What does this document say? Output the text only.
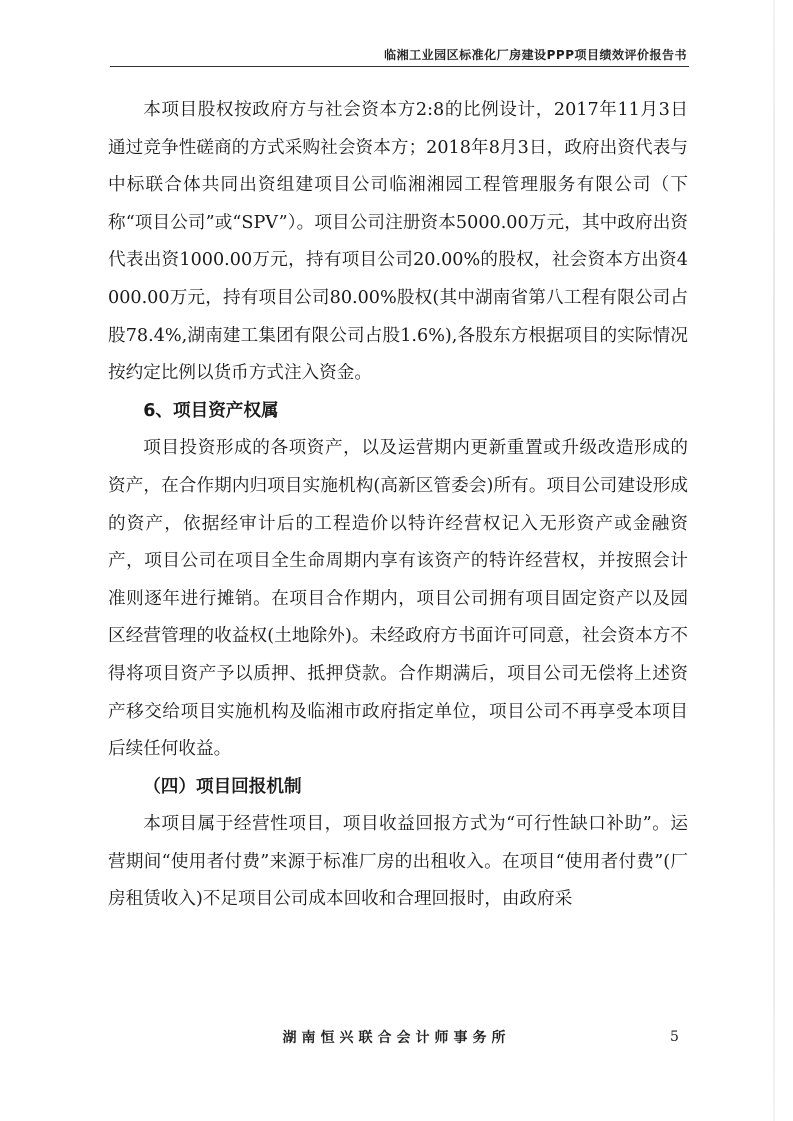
临湘工业园区标准化厂房建设PPP项目绩效评价报告书

本项目股权按政府方与社会资本方2:8的比例设计，2017年11月3日通过竞争性磋商的方式采购社会资本方；2018年8月3日，政府出资代表与中标联合体共同出资组建项目公司临湘湘园工程管理服务有限公司（下称“项目公司”或“SPV”）。项目公司注册资本5000.00万元，其中政府出资代表出资1000.00万元，持有项目公司20.00%的股权，社会资本方出资4000.00万元，持有项目公司80.00%股权(其中湖南省第八工程有限公司占股78.4%,湖南建工集团有限公司占股1.6%),各股东方根据项目的实际情况按约定比例以货币方式注入资金。

6、项目资产权属

项目投资形成的各项资产，以及运营期内更新重置或升级改造形成的资产，在合作期内归项目实施机构(高新区管委会)所有。项目公司建设形成的资产，依据经审计后的工程造价以特许经营权记入无形资产或金融资产，项目公司在项目全生命周期内享有该资产的特许经营权，并按照会计准则逐年进行摊销。在项目合作期内，项目公司拥有项目固定资产以及园区经营管理的收益权(土地除外)。未经政府方书面许可同意，社会资本方不得将项目资产予以质押、抵押贷款。合作期满后，项目公司无偿将上述资产移交给项目实施机构及临湘市政府指定单位，项目公司不再享受本项目后续任何收益。

（四）项目回报机制

本项目属于经营性项目，项目收益回报方式为“可行性缺口补助”。运营期间“使用者付费”来源于标准厂房的出租收入。在项目“使用者付费”(厂房租赁收入)不足项目公司成本回收和合理回报时，由政府采

湖南恒兴联合会计师事务所	5
